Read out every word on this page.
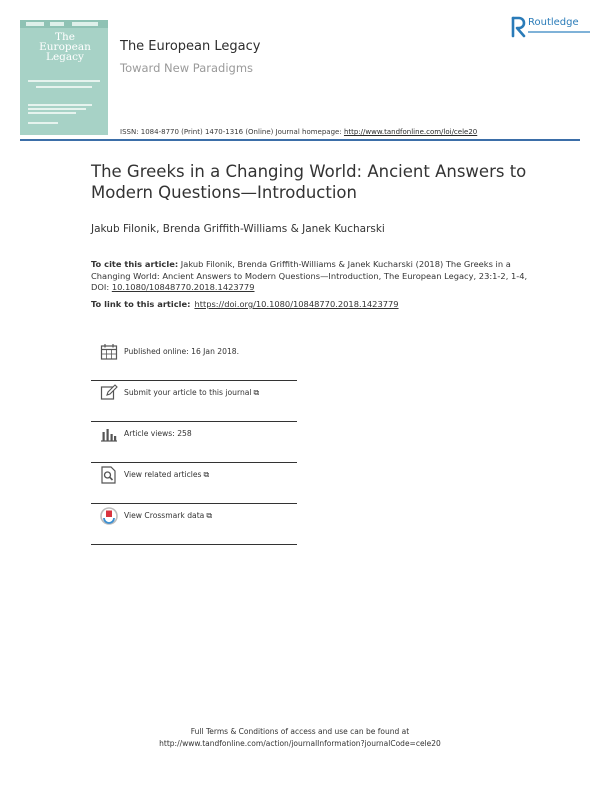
The European Legacy
The European Legacy
Toward New Paradigms
Routledge
ISSN: 1084-8770 (Print) 1470-1316 (Online) Journal homepage: http://www.tandfonline.com/loi/cele20
The Greeks in a Changing World: Ancient Answers to Modern Questions—Introduction
Jakub Filonik, Brenda Griffith-Williams & Janek Kucharski
To cite this article: Jakub Filonik, Brenda Griffith-Williams & Janek Kucharski (2018) The Greeks in a Changing World: Ancient Answers to Modern Questions—Introduction, The European Legacy, 23:1-2, 1-4, DOI: 10.1080/10848770.2018.1423779
To link to this article: https://doi.org/10.1080/10848770.2018.1423779
Published online: 16 Jan 2018.
Submit your article to this journal ⧉
Article views: 258
View related articles ⧉
View Crossmark data ⧉
Full Terms & Conditions of access and use can be found at
http://www.tandfonline.com/action/journalInformation?journalCode=cele20
